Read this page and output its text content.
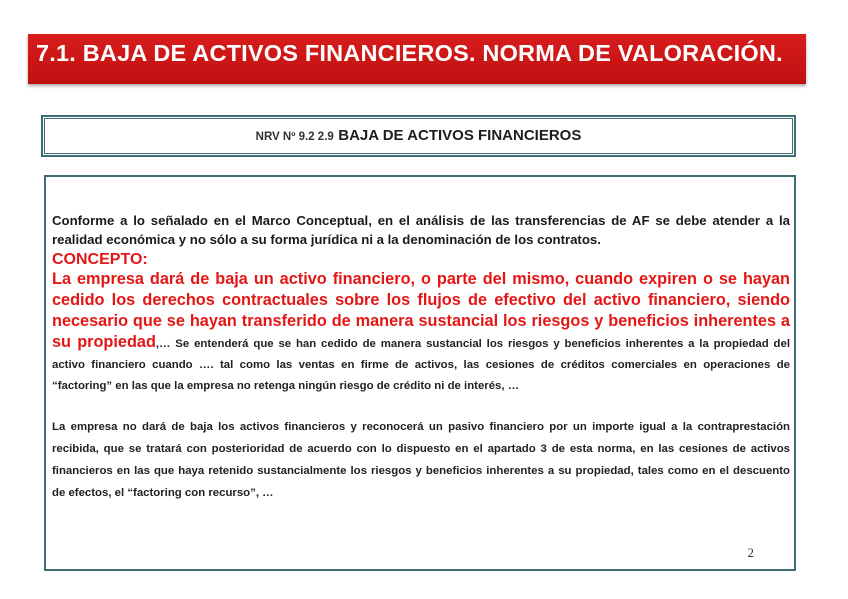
7.1. BAJA DE ACTIVOS FINANCIEROS. NORMA DE VALORACIÓN.
NRV Nº 9.2 2.9 BAJA DE ACTIVOS FINANCIEROS
Conforme a lo señalado en el Marco Conceptual, en el análisis de las transferencias de AF se debe atender a la realidad económica y no sólo a su forma jurídica ni a la denominación de los contratos.
CONCEPTO:
La empresa dará de baja un activo financiero, o parte del mismo, cuando expiren o se hayan cedido los derechos contractuales sobre los flujos de efectivo del activo financiero, siendo necesario que se hayan transferido de manera sustancial los riesgos y beneficios inherentes a su propiedad,… Se entenderá que se han cedido de manera sustancial los riesgos y beneficios inherentes a la propiedad del activo financiero cuando …. tal como las ventas en firme de activos, las cesiones de créditos comerciales en operaciones de “factoring” en las que la empresa no retenga ningún riesgo de crédito ni de interés, …
La empresa no dará de baja los activos financieros y reconocerá un pasivo financiero por un importe igual a la contraprestación recibida, que se tratará con posterioridad de acuerdo con lo dispuesto en el apartado 3 de esta norma, en las cesiones de activos financieros en las que haya retenido sustancialmente los riesgos y beneficios inherentes a su propiedad, tales como en el descuento de efectos, el “factoring con recurso”, …
2
